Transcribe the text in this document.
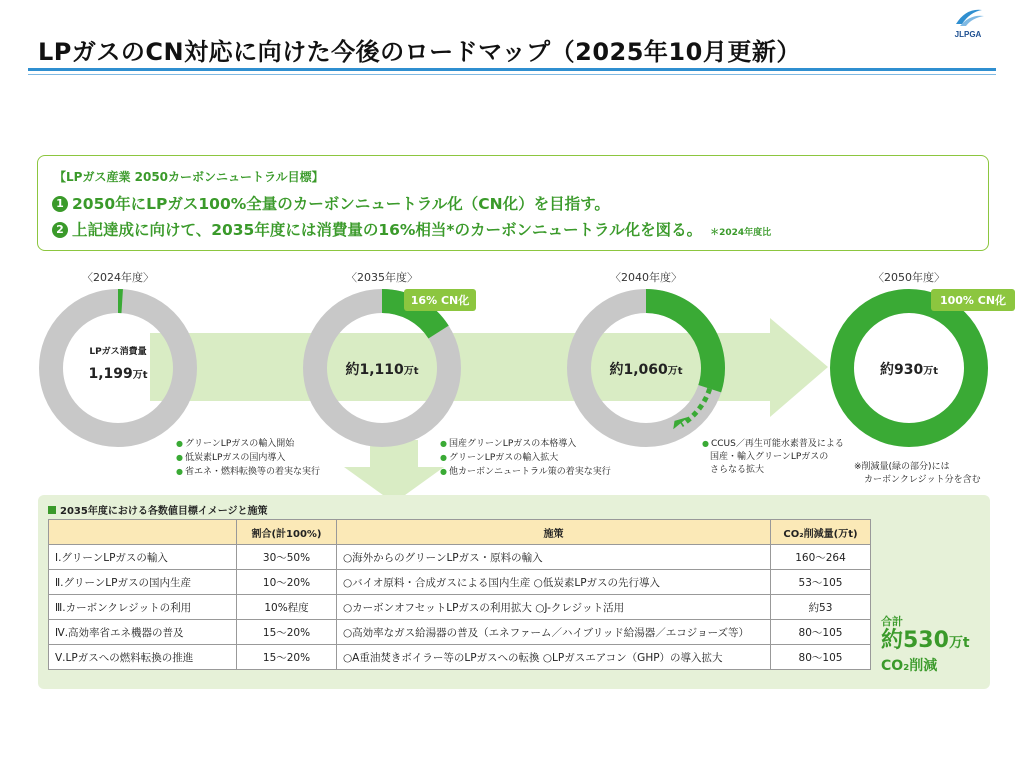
LPガスのCN対応に向けた今後のロードマップ（2025年10月更新）
JLPGA
【LPガス産業 2050カーボンニュートラル目標】
1 2050年にLPガス100%全量のカーボンニュートラル化（CN化）を目指す。
2 上記達成に向けて、2035年度には消費量の16%相当*のカーボンニュートラル化を図る。 ＊2024年度比
〈2024年度〉
LPガス消費量
1,199万t
〈2035年度〉
約1,110万t
16% CN化
〈2040年度〉
約1,060万t
〈2050年度〉
約930万t
100% CN化
● グリーンLPガスの輸入開始
● 低炭素LPガスの国内導入
● 省エネ・燃料転換等の着実な実行
● 国産グリーンLPガスの本格導入
● グリーンLPガスの輸入拡大
● 他カーボンニュートラル策の着実な実行
● CCUS／再生可能水素普及による
国産・輸入グリーンLPガスの
さらなる拡大	※削減量(緑の部分)には
カーボンクレジット分を含む
2035年度における各数値目標イメージと施策
	割合(計100%)	施策	CO₂削減量(万t)
Ⅰ.グリーンLPガスの輸入	30～50%	○海外からのグリーンLPガス・原料の輸入	160～264
Ⅱ.グリーンLPガスの国内生産	10～20%	○バイオ原料・合成ガスによる国内生産 ○低炭素LPガスの先行導入	53～105
Ⅲ.カーボンクレジットの利用	10%程度	○カーボンオフセットLPガスの利用拡大 ○J-クレジット活用	約53
Ⅳ.高効率省エネ機器の普及	15～20%	○高効率なガス給湯器の普及（エネファーム／ハイブリッド給湯器／エコジョーズ等）	80～105
Ⅴ.LPガスへの燃料転換の推進	15～20%	○A重油焚きボイラー等のLPガスへの転換 ○LPガスエアコン（GHP）の導入拡大	80～105
合計
約530万t
CO₂削減
